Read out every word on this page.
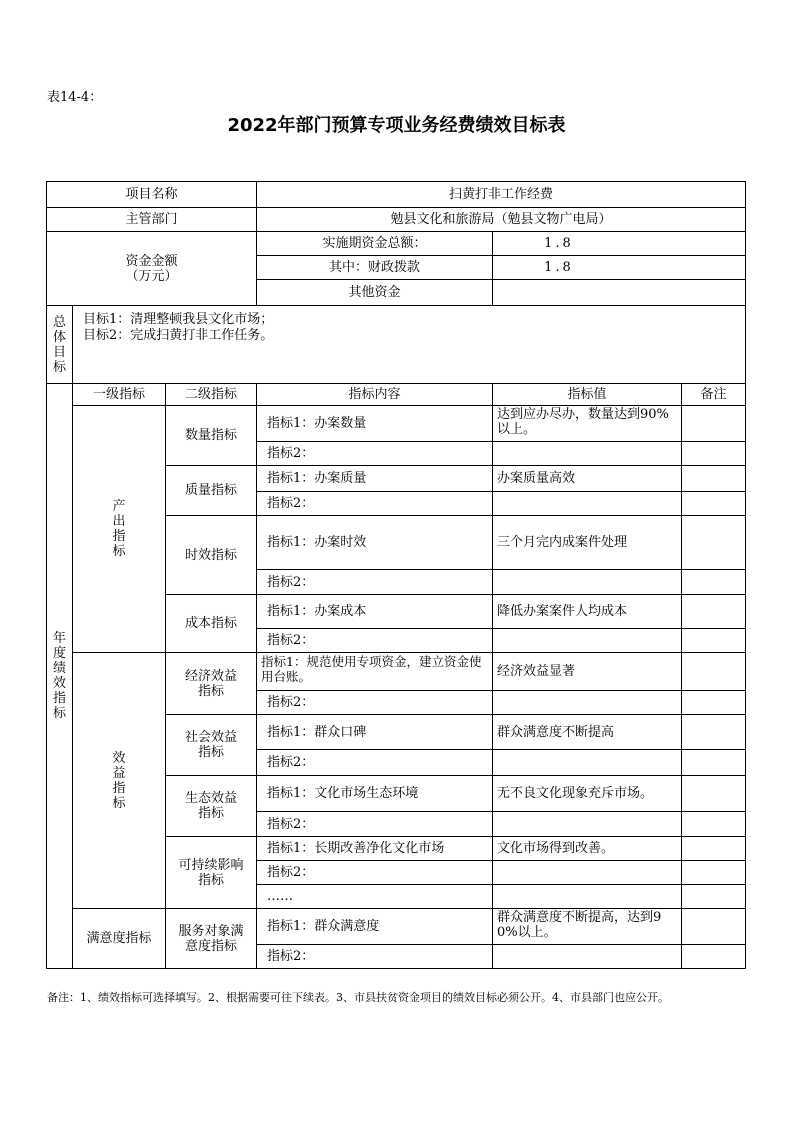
表14-4：
2022年部门预算专项业务经费绩效目标表
项目名称			扫黄打非工作经费		
主管部门			勉县文化和旅游局（勉县文物广电局）		

资金金额
（万元）			实施期资金总额：	1.8	
			其中：财政拨款	1.8	
			其他资金		

总体目标	目标1：清理整顿我县文化市场；
目标2：完成扫黄打非工作任务。				

年度绩效指标	一级指标	二级指标	指标内容	指标值	备注

	产出指标	数量指标	指标1：办案数量	达到应办尽办，数量达到90%以上。	
			指标2：		
		质量指标	指标1：办案质量	办案质量高效	
			指标2：		
		时效指标	指标1：办案时效	三个月完内成案件处理	
			指标2：		
		成本指标	指标1：办案成本	降低办案案件人均成本	
			指标2：		

	效益指标	经济效益指标	指标1：规范使用专项资金，建立资金使用台账。	经济效益显著	
			指标2：		
		社会效益指标	指标1：群众口碑	群众满意度不断提高	
			指标2：		
		生态效益指标	指标1：文化市场生态环境	无不良文化现象充斥市场。	
			指标2：		
		可持续影响指标	指标1：长期改善净化文化市场	文化市场得到改善。	
			指标2：		
			……		
	满意度指标	服务对象满意度指标	指标1：群众满意度	群众满意度不断提高，达到90%以上。	
			指标2：		
备注：1、绩效指标可选择填写。2、根据需要可往下续表。3、市县扶贫资金项目的绩效目标必须公开。4、市县部门也应公开。
